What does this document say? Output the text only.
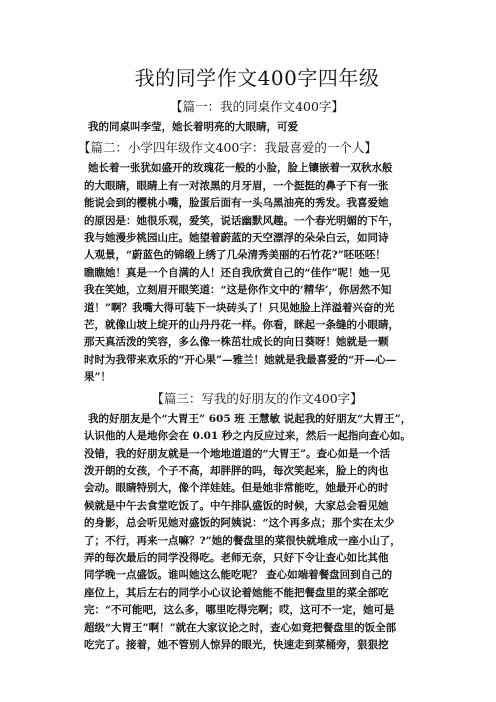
我的同学作文400字四年级
【篇一：我的同桌作文400字】

我的同桌叫李莹，她长着明亮的大眼睛，可爱

【篇二：小学四年级作文400字：我最喜爱的一个人】

她长着一张犹如盛开的玫瑰花一般的小脸，脸上镶嵌着一双秋水般
的大眼睛，眼睛上有一对浓黑的月牙眉，一个挺挺的鼻子下有一张
能说会到的樱桃小嘴，脸蛋后面有一头乌黑油亮的秀发。我喜爱她
的原因是：她很乐观，爱笑，说话幽默风趣。一个春光明媚的下午，
我与她漫步桃园山庄。她望着蔚蓝的天空漂浮的朵朵白云，如同诗
人观景，“蔚蓝色的锦缎上绣了几朵清秀美丽的石竹花?”呸呸呸！
瞧瞧她！真是一个自满的人！还自我欣赏自己的“佳作”呢！她一见
我在笑她，立刻眉开眼笑道：“这是你作文中的‘精华’，你居然不知
道！”啊？我嘴大得可装下一块砖头了！只见她脸上洋溢着兴奋的光
芒，就像山坡上绽开的山丹丹花一样。你看，眯起一条缝的小眼睛，
那天真活泼的笑容，多么像一株茁壮成长的向日葵呀！她就是一颗
时时为我带来欢乐的“开心果”—雅兰！她就是我最喜爱的“开—心—
果”！

【篇三：写我的好朋友的作文400字】

我的好朋友是个“大胃王” 605 班 王慧敏 说起我的好朋友“大胃王”，
认识他的人是地你会在 0.01 秒之内反应过来，然后一起指向查心如。
没错，我的好朋友就是一个地地道道的“大胃王”。查心如是一个活
泼开朗的女孩，个子不高，却胖胖的吗，每次笑起来，脸上的肉也
会动。眼睛特别大，像个洋娃娃。但是她非常能吃，她最开心的时
候就是中午去食堂吃饭了。中午排队盛饭的时候，大家总会看见她
的身影，总会听见她对盛饭的阿姨说：“这个再多点；那个实在太少
了；不行，再来一点嘛？?”她的餐盘里的菜很快就堆成一座小山了，
弄的每次最后的同学没得吃。老师无奈，只好下令让查心如比其他
同学晚一点盛饭。谁叫她这么能吃呢？ 查心如端着餐盘回到自己的
座位上，其后左右的同学小心议论着她能不能把餐盘里的菜全部吃
完：“不可能吧，这么多，哪里吃得完啊；哎，这可不一定，她可是
超级“大胃王”啊！”就在大家议论之时，查心如竟把餐盘里的饭全部
吃完了。接着，她不管别人惊异的眼光，快速走到菜桶旁，狠狠挖
